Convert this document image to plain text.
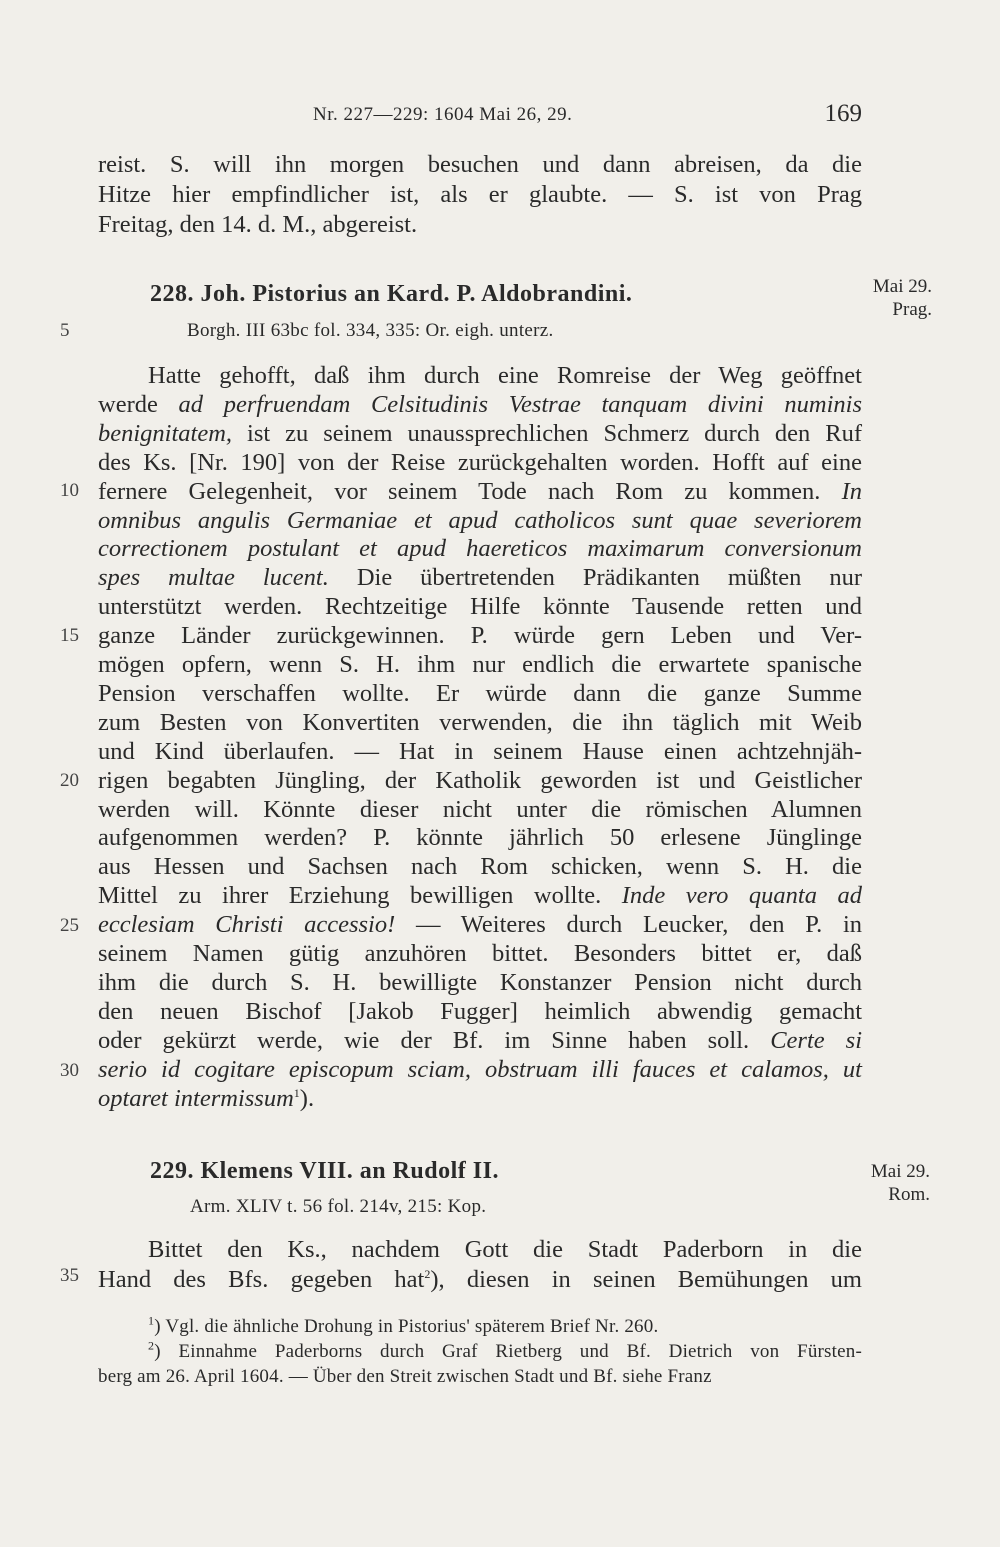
Nr. 227—229: 1604 Mai 26, 29.	169
reist. S. will ihn morgen besuchen und dann abreisen, da die
Hitze hier empfindlicher ist, als er glaubte. — S. ist von Prag
Freitag, den 14. d. M., abgereist.
228. Joh. Pistorius an Kard. P. Aldobrandini.
Borgh. III 63bc fol. 334, 335: Or. eigh. unterz.
Mai 29.
Prag.
Hatte gehofft, daß ihm durch eine Romreise der Weg geöffnet
werde ad perfruendam Celsitudinis Vestrae tanquam divini numinis
benignitatem, ist zu seinem unaussprechlichen Schmerz durch den Ruf
des Ks. [Nr. 190] von der Reise zurückgehalten worden. Hofft auf eine
fernere Gelegenheit, vor seinem Tode nach Rom zu kommen. In
omnibus angulis Germaniae et apud catholicos sunt quae severiorem
correctionem postulant et apud haereticos maximarum conversionum
spes multae lucent. Die übertretenden Prädikanten müßten nur
unterstützt werden. Rechtzeitige Hilfe könnte Tausende retten und
ganze Länder zurückgewinnen. P. würde gern Leben und Ver-
mögen opfern, wenn S. H. ihm nur endlich die erwartete spanische
Pension verschaffen wollte. Er würde dann die ganze Summe
zum Besten von Konvertiten verwenden, die ihn täglich mit Weib
und Kind überlaufen. — Hat in seinem Hause einen achtzehnjäh-
rigen begabten Jüngling, der Katholik geworden ist und Geistlicher
werden will. Könnte dieser nicht unter die römischen Alumnen
aufgenommen werden? P. könnte jährlich 50 erlesene Jünglinge
aus Hessen und Sachsen nach Rom schicken, wenn S. H. die
Mittel zu ihrer Erziehung bewilligen wollte. Inde vero quanta ad
ecclesiam Christi accessio! — Weiteres durch Leucker, den P. in
seinem Namen gütig anzuhören bittet. Besonders bittet er, daß
ihm die durch S. H. bewilligte Konstanzer Pension nicht durch
den neuen Bischof [Jakob Fugger] heimlich abwendig gemacht
oder gekürzt werde, wie der Bf. im Sinne haben soll. Certe si
serio id cogitare episcopum sciam, obstruam illi fauces et calamos, ut
optaret intermissum$^1$).
229. Klemens VIII. an Rudolf II.
Arm. XLIV t. 56 fol. 214v, 215: Kop.
Mai 29.
Rom.
Bittet den Ks., nachdem Gott die Stadt Paderborn in die
Hand des Bfs. gegeben hat$^2$), diesen in seinen Bemühungen um
5
10
15
20
25
30
35
$^1$) Vgl. die ähnliche Drohung in Pistorius' späterem Brief Nr. 260.
$^2$) Einnahme Paderborns durch Graf Rietberg und Bf. Dietrich von Fürsten-
berg am 26. April 1604. — Über den Streit zwischen Stadt und Bf. siehe Franz
